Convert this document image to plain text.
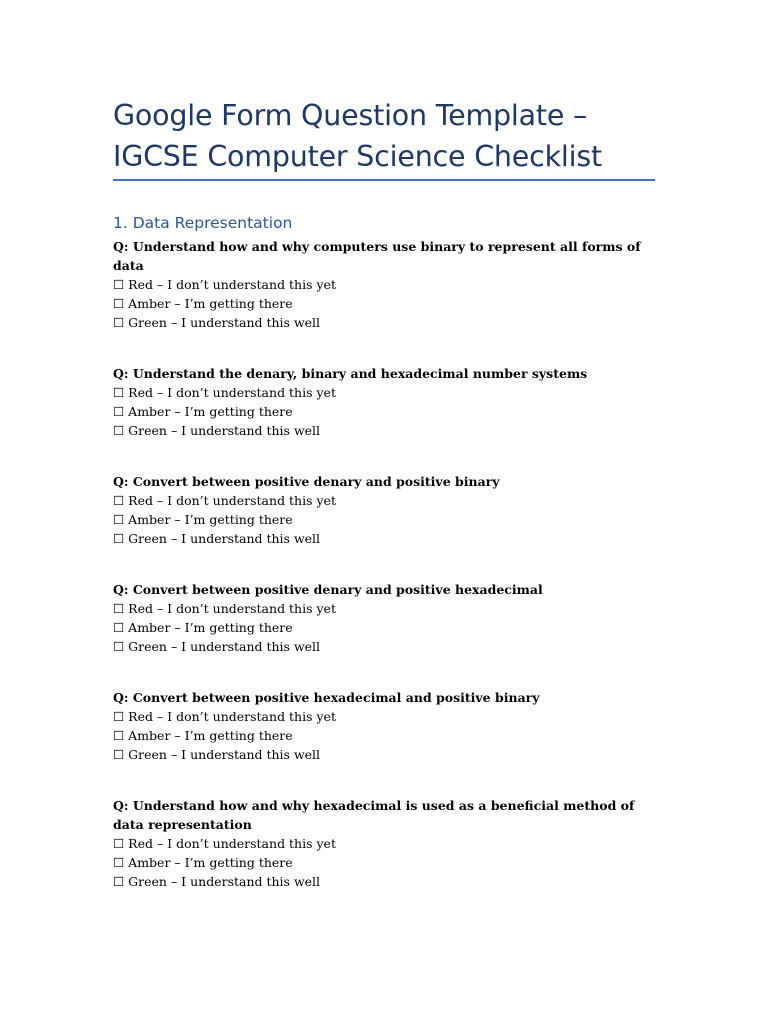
Google Form Question Template –
IGCSE Computer Science Checklist
1. Data Representation

Q: Understand how and why computers use binary to represent all forms of data

☐ Red – I don’t understand this yet

☐ Amber – I’m getting there

☐ Green – I understand this well

Q: Understand the denary, binary and hexadecimal number systems

☐ Red – I don’t understand this yet

☐ Amber – I’m getting there

☐ Green – I understand this well

Q: Convert between positive denary and positive binary

☐ Red – I don’t understand this yet

☐ Amber – I’m getting there

☐ Green – I understand this well

Q: Convert between positive denary and positive hexadecimal

☐ Red – I don’t understand this yet

☐ Amber – I’m getting there

☐ Green – I understand this well

Q: Convert between positive hexadecimal and positive binary

☐ Red – I don’t understand this yet

☐ Amber – I’m getting there

☐ Green – I understand this well

Q: Understand how and why hexadecimal is used as a beneficial method of data representation

☐ Red – I don’t understand this yet

☐ Amber – I’m getting there

☐ Green – I understand this well
